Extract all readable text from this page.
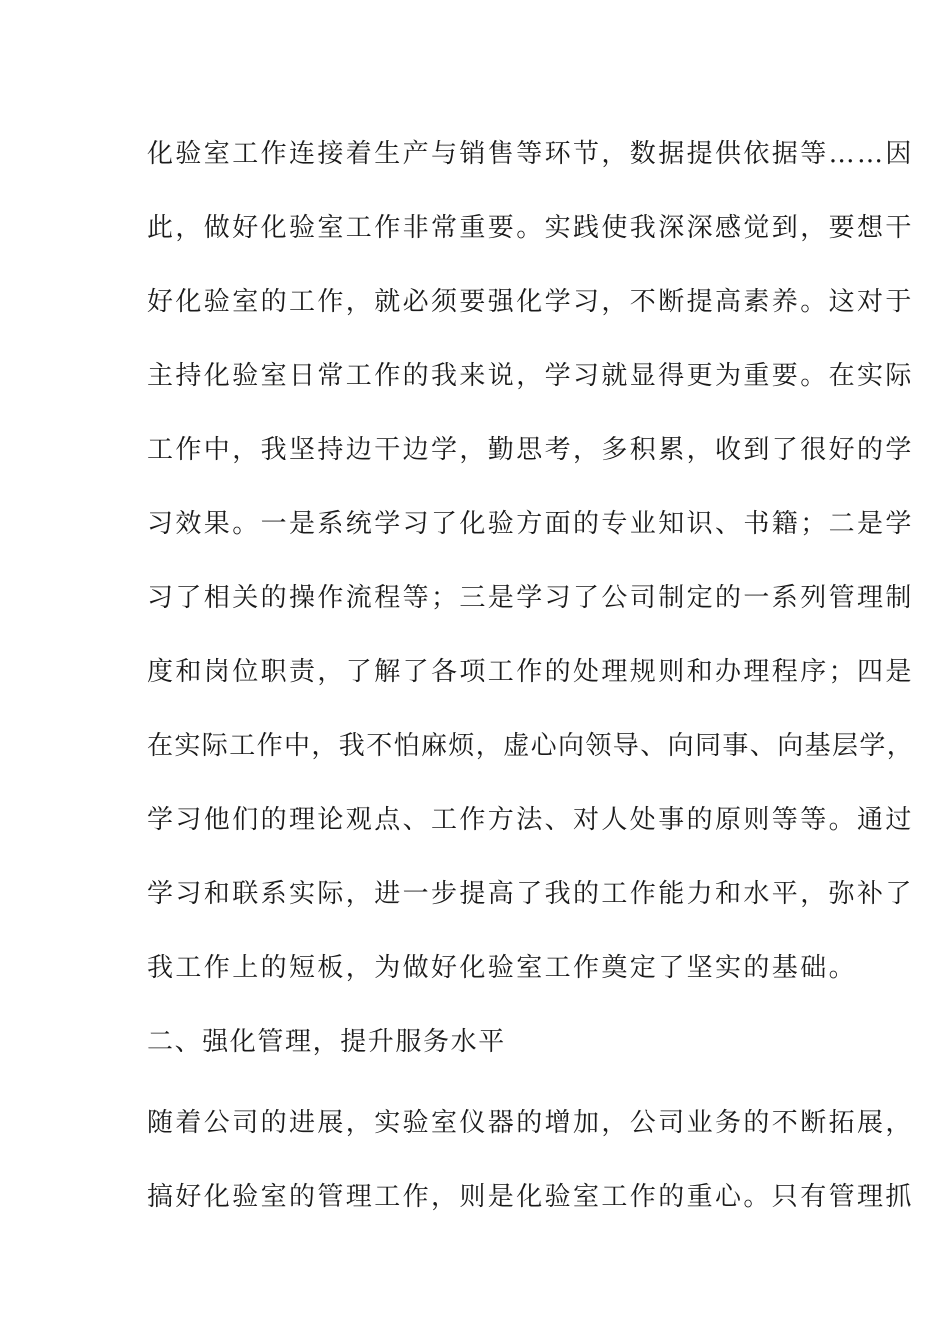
化验室工作连接着生产与销售等环节，数据提供依据等……因
此，做好化验室工作非常重要。实践使我深深感觉到，要想干
好化验室的工作，就必须要强化学习，不断提高素养。这对于
主持化验室日常工作的我来说，学习就显得更为重要。在实际
工作中，我坚持边干边学，勤思考，多积累，收到了很好的学
习效果。一是系统学习了化验方面的专业知识、书籍；二是学
习了相关的操作流程等；三是学习了公司制定的一系列管理制
度和岗位职责，了解了各项工作的处理规则和办理程序；四是
在实际工作中，我不怕麻烦，虚心向领导、向同事、向基层学，
学习他们的理论观点、工作方法、对人处事的原则等等。通过
学习和联系实际，进一步提高了我的工作能力和水平，弥补了
我工作上的短板，为做好化验室工作奠定了坚实的基础。
二、强化管理，提升服务水平
随着公司的进展，实验室仪器的增加，公司业务的不断拓展，
搞好化验室的管理工作，则是化验室工作的重心。只有管理抓
